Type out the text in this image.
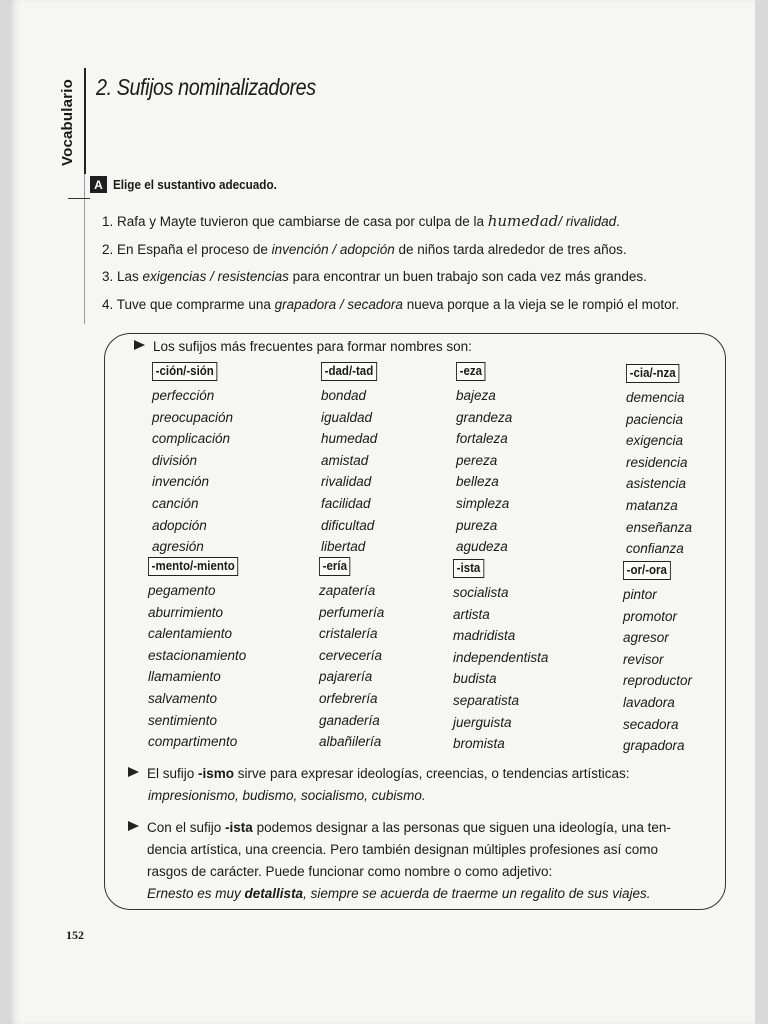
Vocabulario 2. Sufijos nominalizadores
A Elige el sustantivo adecuado.
1. Rafa y Mayte tuvieron que cambiarse de casa por culpa de la humedad/ rivalidad.
2. En España el proceso de invención / adopción de niños tarda alrededor de tres años.
3. Las exigencias / resistencias para encontrar un buen trabajo son cada vez más grandes.
4. Tuve que comprarme una grapadora / secadora nueva porque a la vieja se le rompió el motor.
Los sufijos más frecuentes para formar nombres son:
-ción/-sión
perfección
preocupación
complicación
división
invención
canción
adopción
agresión
-dad/-tad
bondad
igualdad
humedad
amistad
rivalidad
facilidad
dificultad
libertad
-eza
bajeza
grandeza
fortaleza
pereza
belleza
simpleza
pureza
agudeza
-cia/-nza
demencia
paciencia
exigencia
residencia
asistencia
matanza
enseñanza
confianza
-mento/-miento
pegamento
aburrimiento
calentamiento
estacionamiento
llamamiento
salvamento
sentimiento
compartimento
-ería
zapatería
perfumería
cristalería
cervecería
pajarería
orfebrería
ganadería
albañilería
-ista
socialista
artista
madridista
independentista
budista
separatista
juerguista
bromista
-or/-ora
pintor
promotor
agresor
revisor
reproductor
lavadora
secadora
grapadora
El sufijo -ismo sirve para expresar ideologías, creencias, o tendencias artísticas:
impresionismo, budismo, socialismo, cubismo.
Con el sufijo -ista podemos designar a las personas que siguen una ideología, una ten-
dencia artística, una creencia. Pero también designan múltiples profesiones así como
rasgos de carácter. Puede funcionar como nombre o como adjetivo:
Ernesto es muy detallista, siempre se acuerda de traerme un regalito de sus viajes.
152
